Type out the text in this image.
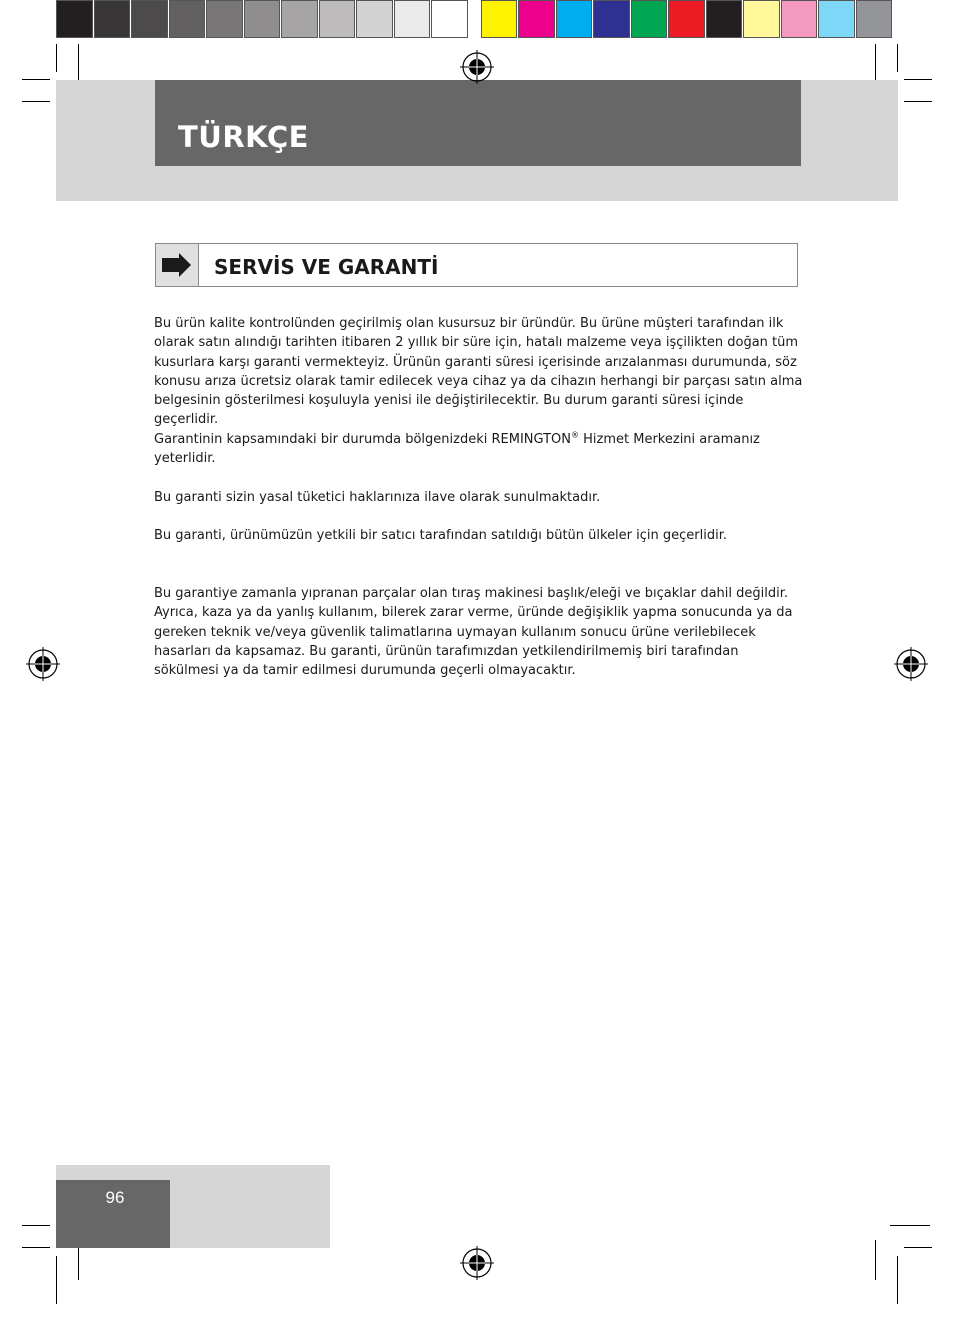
TÜRKÇE
SERVİS VE GARANTİ

Bu ürün kalite kontrolünden geçirilmiş olan kusursuz bir üründür. Bu ürüne müşteri tarafından ilk olarak satın alındığı tarihten itibaren 2 yıllık bir süre için, hatalı malzeme veya işçilikten doğan tüm kusurlara karşı garanti vermekteyiz. Ürünün garanti süresi içerisinde arızalanması durumunda, söz konusu arıza ücretsiz olarak tamir edilecek veya cihaz ya da cihazın herhangi bir parçası satın alma belgesinin gösterilmesi koşuluyla yenisi ile değiştirilecektir. Bu durum garanti süresi içinde geçerlidir.

Garantinin kapsamındaki bir durumda bölgenizdeki REMINGTON® Hizmet Merkezini aramanız yeterlidir.

Bu garanti sizin yasal tüketici haklarınıza ilave olarak sunulmaktadır.

Bu garanti, ürünümüzün yetkili bir satıcı tarafından satıldığı bütün ülkeler için geçerlidir.

Bu garantiye zamanla yıpranan parçalar olan tıraş makinesi başlık/eleği ve bıçaklar dahil değildir. Ayrıca, kaza ya da yanlış kullanım, bilerek zarar verme, üründe değişiklik yapma sonucunda ya da gereken teknik ve/veya güvenlik talimatlarına uymayan kullanım sonucu ürüne verilebilecek hasarları da kapsamaz. Bu garanti, ürünün tarafımızdan yetkilendirilmemiş biri tarafından sökülmesi ya da tamir edilmesi durumunda geçerli olmayacaktır.

96
